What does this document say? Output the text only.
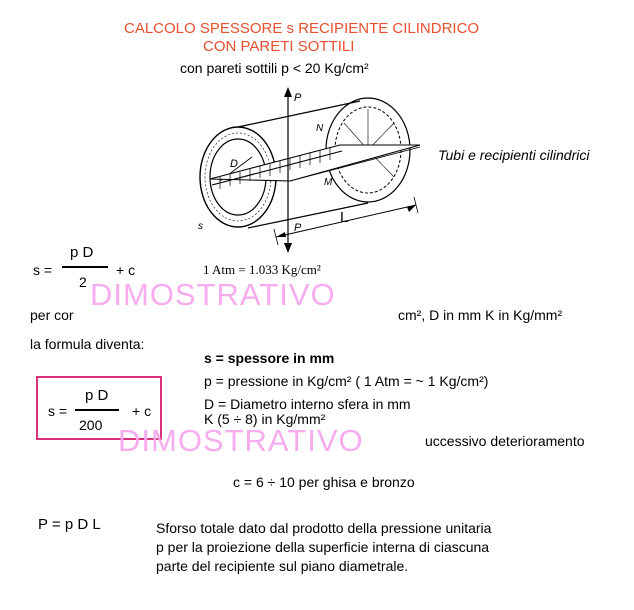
CALCOLO SPESSORE s RECIPIENTE CILINDRICO
CON PARETI SOTTILI
con pareti sottili p < 20 Kg/cm²
D
P
P
N
M
s
L
Tubi e recipienti cilindrici
s =
p D
2
+ c	1 Atm = 1.033 Kg/cm²
per cor	cm², D in mm K in Kg/mm²
DIMOSTRATIVO
la formula diventa:
s =
p D
200
+ c
s = spessore in mm
p = pressione in Kg/cm² ( 1 Atm = ~ 1 Kg/cm²)
D = Diametro interno sfera in mm
K (5 ÷ 8) in Kg/mm²
uccessivo deterioramento
DIMOSTRATIVO
c = 6 ÷ 10 per ghisa e bronzo
P = p D L	Sforso totale dato dal prodotto della pressione unitaria
p per la proiezione della superficie interna di ciascuna
parte del recipiente sul piano diametrale.
